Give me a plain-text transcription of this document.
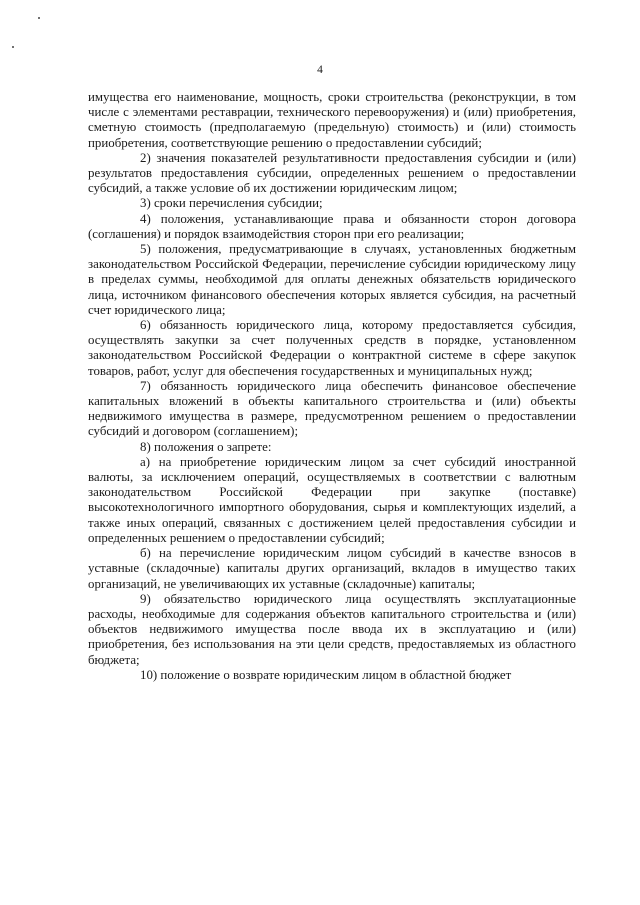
4

имущества его наименование, мощность, сроки строительства (реконструкции, в том числе с элементами реставрации, технического перевооружения) и (или) приобретения, сметную стоимость (предполагаемую (предельную) стоимость) и (или) стоимость приобретения, соответствующие решению о предоставлении субсидий;

2) значения показателей результативности предоставления субсидии и (или) результатов предоставления субсидии, определенных решением о предоставлении субсидий, а также условие об их достижении юридическим лицом;

3) сроки перечисления субсидии;

4) положения, устанавливающие права и обязанности сторон договора (соглашения) и порядок взаимодействия сторон при его реализации;

5) положения, предусматривающие в случаях, установленных бюджетным законодательством Российской Федерации, перечисление субсидии юридическому лицу в пределах суммы, необходимой для оплаты денежных обязательств юридического лица, источником финансового обеспечения которых является субсидия, на расчетный счет юридического лица;

6) обязанность юридического лица, которому предоставляется субсидия, осуществлять закупки за счет полученных средств в порядке, установленном законодательством Российской Федерации о контрактной системе в сфере закупок товаров, работ, услуг для обеспечения государственных и муниципальных нужд;

7) обязанность юридического лица обеспечить финансовое обеспечение капитальных вложений в объекты капитального строительства и (или) объекты недвижимого имущества в размере, предусмотренном решением о предоставлении субсидий и договором (соглашением);

8) положения о запрете:

а) на приобретение юридическим лицом за счет субсидий иностранной валюты, за исключением операций, осуществляемых в соответствии с валютным законодательством Российской Федерации при закупке (поставке) высокотехнологичного импортного оборудования, сырья и комплектующих изделий, а также иных операций, связанных с достижением целей предоставления субсидии и определенных решением о предоставлении субсидий;

б) на перечисление юридическим лицом субсидий в качестве взносов в уставные (складочные) капиталы других организаций, вкладов в имущество таких организаций, не увеличивающих их уставные (складочные) капиталы;

9) обязательство юридического лица осуществлять эксплуатационные расходы, необходимые для содержания объектов капитального строительства и (или) объектов недвижимого имущества после ввода их в эксплуатацию и (или) приобретения, без использования на эти цели средств, предоставляемых из областного бюджета;

10) положение о возврате юридическим лицом в областной бюджет
